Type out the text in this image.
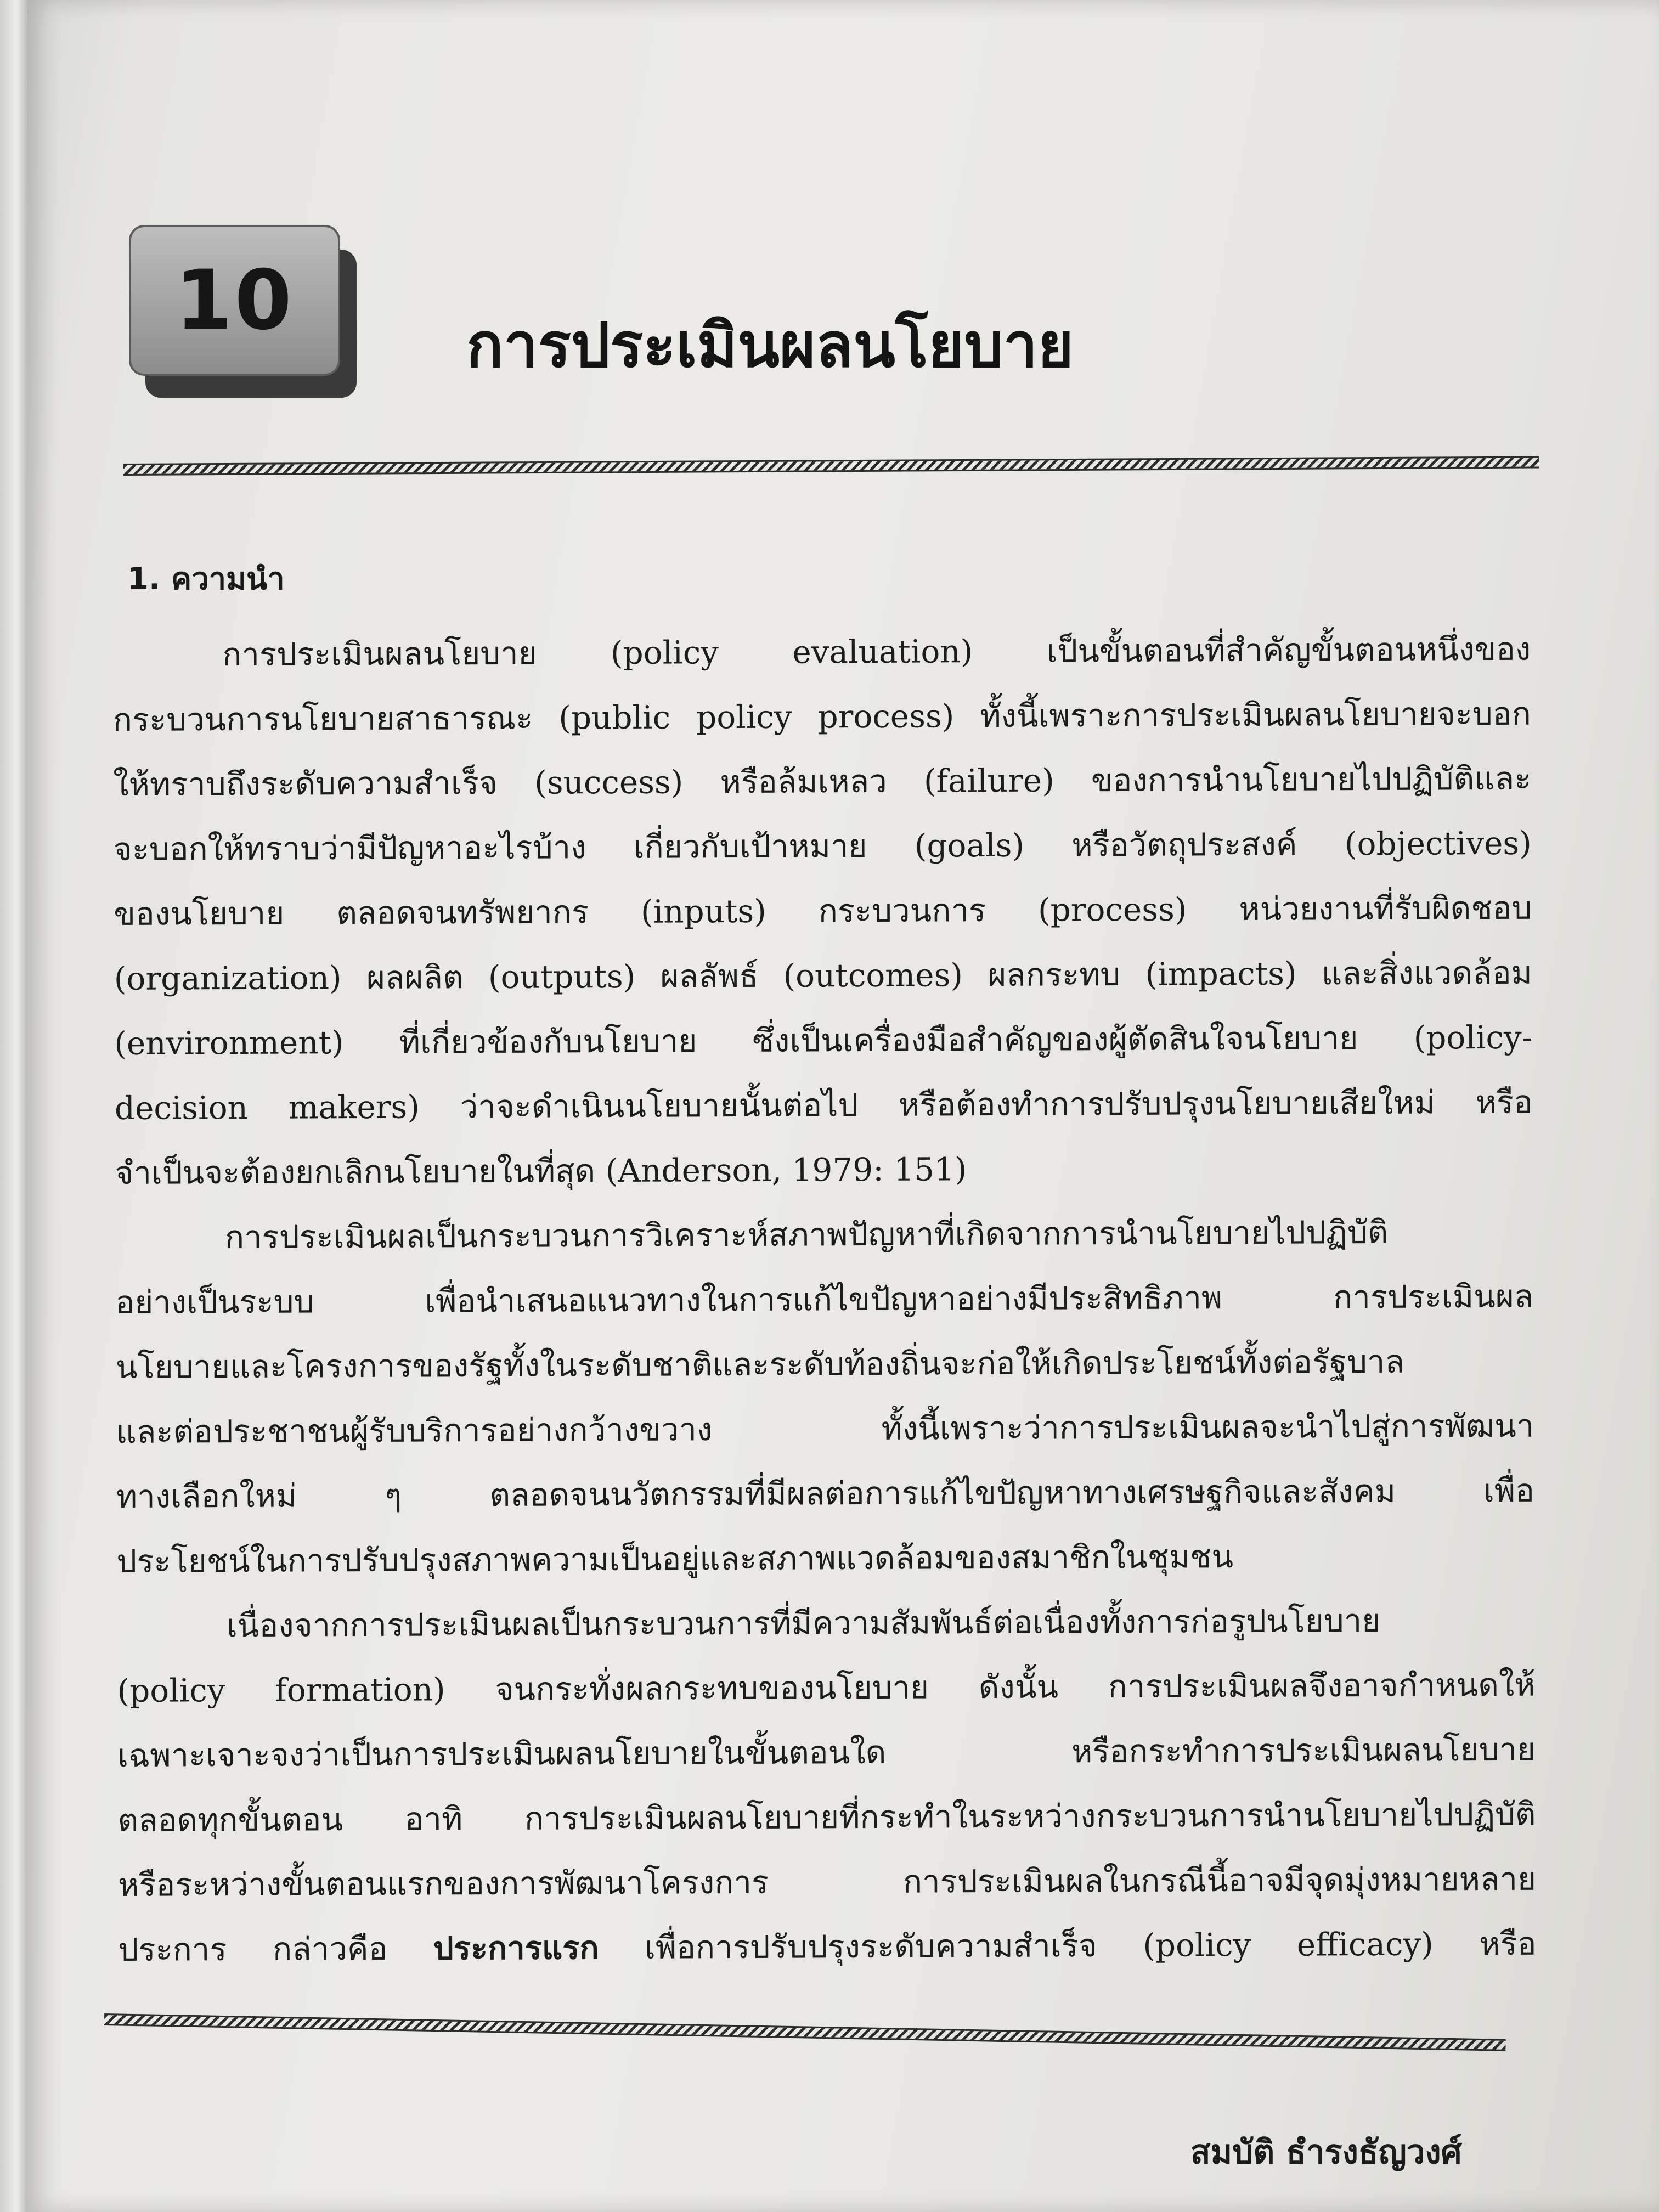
10	การประเมินผลนโยบาย
1. ความนำ
การประเมินผลนโยบาย (policy evaluation) เป็นขั้นตอนที่สำคัญขั้นตอนหนึ่งของ
กระบวนการนโยบายสาธารณะ (public policy process) ทั้งนี้เพราะการประเมินผลนโยบายจะบอก
ให้ทราบถึงระดับความสำเร็จ (success) หรือล้มเหลว (failure) ของการนำนโยบายไปปฏิบัติและ
จะบอกให้ทราบว่ามีปัญหาอะไรบ้าง เกี่ยวกับเป้าหมาย (goals) หรือวัตถุประสงค์ (objectives)
ของนโยบาย ตลอดจนทรัพยากร (inputs) กระบวนการ (process) หน่วยงานที่รับผิดชอบ
(organization) ผลผลิต (outputs) ผลลัพธ์ (outcomes) ผลกระทบ (impacts) และสิ่งแวดล้อม
(environment) ที่เกี่ยวข้องกับนโยบาย ซึ่งเป็นเครื่องมือสำคัญของผู้ตัดสินใจนโยบาย (policy-
decision makers) ว่าจะดำเนินนโยบายนั้นต่อไป หรือต้องทำการปรับปรุงนโยบายเสียใหม่ หรือ
จำเป็นจะต้องยกเลิกนโยบายในที่สุด (Anderson, 1979: 151)
การประเมินผลเป็นกระบวนการวิเคราะห์สภาพปัญหาที่เกิดจากการนำนโยบายไปปฏิบัติ
อย่างเป็นระบบ เพื่อนำเสนอแนวทางในการแก้ไขปัญหาอย่างมีประสิทธิภาพ การประเมินผล
นโยบายและโครงการของรัฐทั้งในระดับชาติและระดับท้องถิ่นจะก่อให้เกิดประโยชน์ทั้งต่อรัฐบาล
และต่อประชาชนผู้รับบริการอย่างกว้างขวาง ทั้งนี้เพราะว่าการประเมินผลจะนำไปสู่การพัฒนา
ทางเลือกใหม่ ๆ ตลอดจนนวัตกรรมที่มีผลต่อการแก้ไขปัญหาทางเศรษฐกิจและสังคม เพื่อ
ประโยชน์ในการปรับปรุงสภาพความเป็นอยู่และสภาพแวดล้อมของสมาชิกในชุมชน
เนื่องจากการประเมินผลเป็นกระบวนการที่มีความสัมพันธ์ต่อเนื่องทั้งการก่อรูปนโยบาย
(policy formation) จนกระทั่งผลกระทบของนโยบาย ดังนั้น การประเมินผลจึงอาจกำหนดให้
เฉพาะเจาะจงว่าเป็นการประเมินผลนโยบายในขั้นตอนใด หรือกระทำการประเมินผลนโยบาย
ตลอดทุกขั้นตอน อาทิ การประเมินผลนโยบายที่กระทำในระหว่างกระบวนการนำนโยบายไปปฏิบัติ
หรือระหว่างขั้นตอนแรกของการพัฒนาโครงการ การประเมินผลในกรณีนี้อาจมีจุดมุ่งหมายหลาย
ประการ กล่าวคือ ประการแรก เพื่อการปรับปรุงระดับความสำเร็จ (policy efficacy) หรือ
สมบัติ ธำรงธัญวงศ์
